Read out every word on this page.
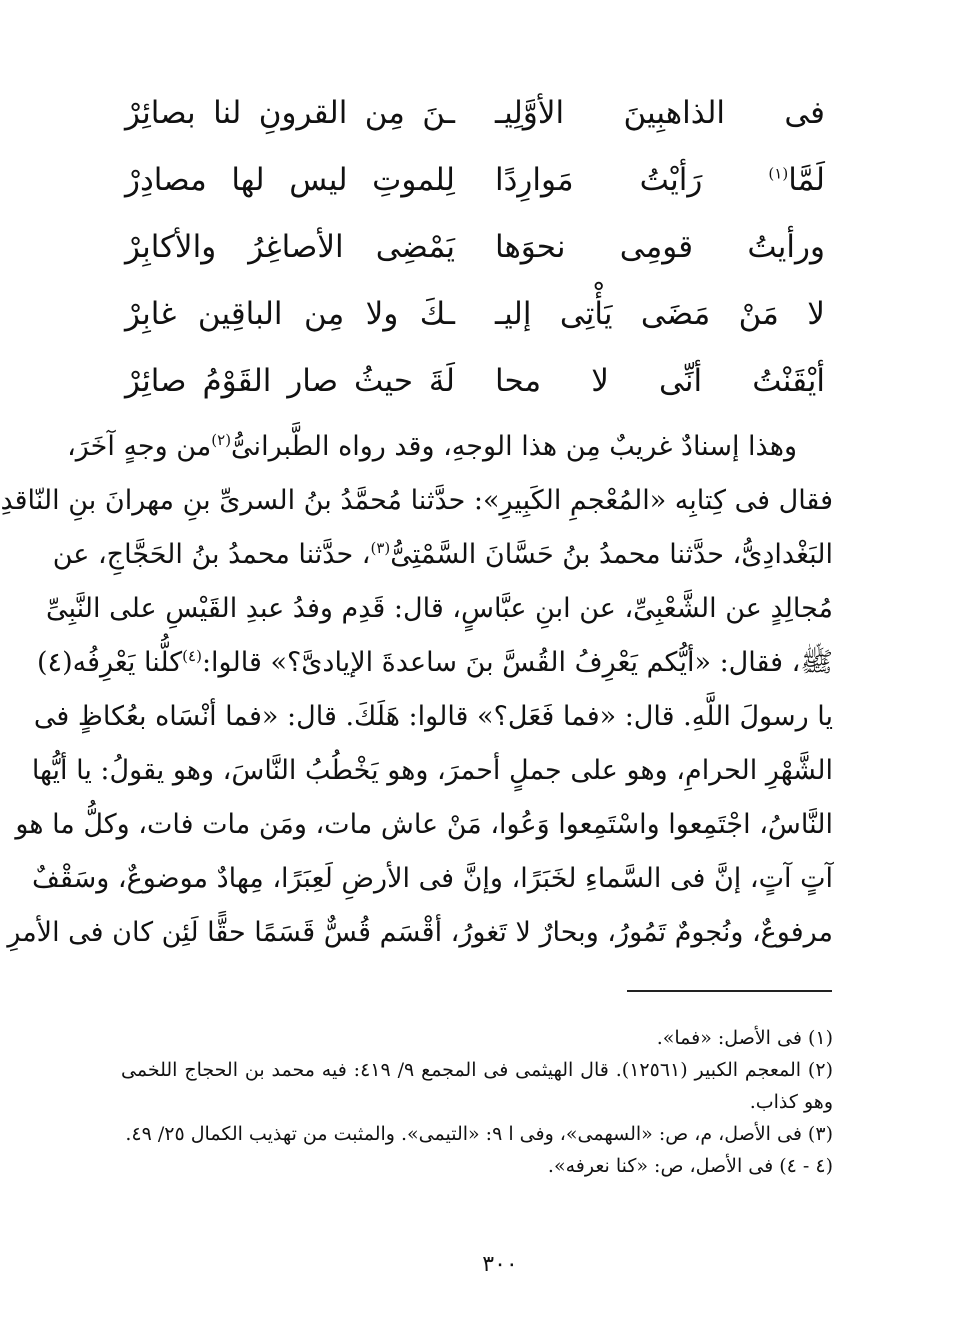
فى الذاهبِينَ الأوَّلِيـ
ـنَ مِن القرونِ لنا بصائِرْ
لَمَّا$^{(١)}$ رَأيْتُ مَوارِدًا
لِلموتِ ليس لها مصادِرْ
ورأيتُ قومِى نحوَها
يَمْضِى الأصاغِرُ والأكابِرْ
لا مَنْ مَضَى يَأْتِى إليـ
ـكَ ولا مِن الباقِين غابِرْ
أيْقَنْتُ أنِّى لا محا
لَةَ حيثُ صار القَوْمُ صائِرْ
وهذا إسنادٌ غريبٌ مِن هذا الوجهِ، وقد رواه الطَّبرانىُّ$^{(٢)}$من وجهٍ آخَرَ،
فقال فى كِتابِه «المُعْجمِ الكَبِيرِ»: حدَّثنا مُحمَّدُ بنُ السرىِّ بنِ مهرانَ بنِ النّاقدِ
البَغْدادِىُّ، حدَّثنا محمدُ بنُ حَسَّانَ السَّمْتِىُّ$^{(٣)}$، حدَّثنا محمدُ بنُ الحَجَّاجِ، عن
مُجالِدٍ عن الشَّعْبِىِّ، عن ابنِ عبَّاسٍ، قال: قَدِم وفدُ عبدِ القَيْسِ على النَّبِىِّ
ﷺ، فقال: «أيُّكم يَعْرِفُ القُسَّ بنَ ساعدةَ الإيادىَّ؟» قالوا:$^{(٤)}$كلُّنا يَعْرِفُه(٤)
يا رسولَ اللَّهِ. قال: «فما فَعَل؟» قالوا: هَلَكَ. قال: «فما أنْسَاه بعُكاظٍ فى
الشَّهْرِ الحرامِ، وهو على جملٍ أحمرَ، وهو يَخْطُبُ النَّاسَ، وهو يقولُ: يا أيُّها
النَّاسُ، اجْتَمِعوا واسْتَمِعوا وَعُوا، مَنْ عاش مات، ومَن مات فات، وكلُّ ما هو
آتٍ آتٍ، إنَّ فى السَّماءِ لخَبَرًا، وإنَّ فى الأرضِ لَعِبَرًا، مِهادٌ موضوعٌ، وسَقْفٌ
مرفوعٌ، ونُجومٌ تَمُورُ، وبحارٌ لا تَغورُ، أقْسَم قُسٌّ قَسَمًا حقًّا لَئِن كان فى الأمرِ
(١) فى الأصل: «فما».
(٢) المعجم الكبير (١٢٥٦١). قال الهيثمى فى المجمع ٩/ ٤١٩: فيه محمد بن الحجاج اللخمى وهو كذاب.
(٣) فى الأصل، م، ص: «السهمى»، وفى ا ٩: «التيمى». والمثبت من تهذيب الكمال ٢٥/ ٤٩.
(٤ - ٤) فى الأصل، ص: «كنا نعرفه».
٣٠٠
